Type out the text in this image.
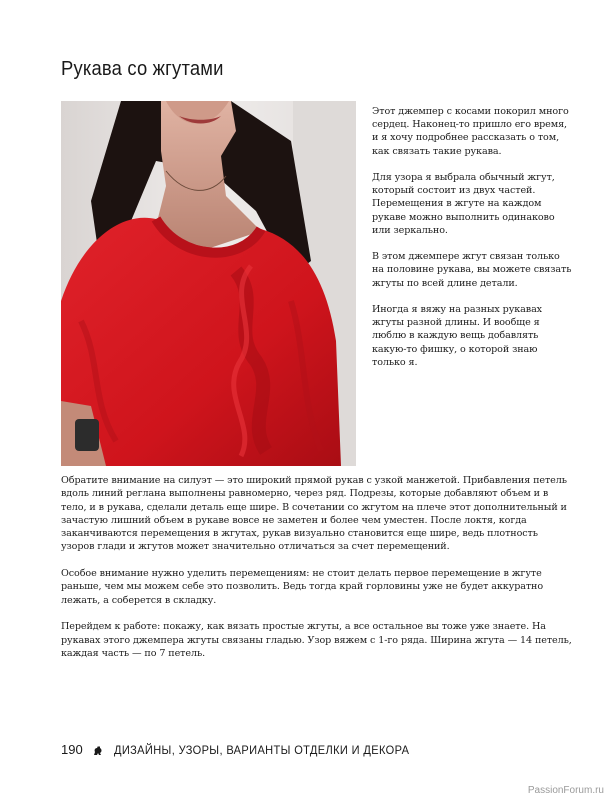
Рукава со жгутами

Этот джемпер с косами покорил много сердец. Наконец-то пришло его время, и я хочу подробнее рассказать о том, как связать такие рукава.

Для узора я выбрала обычный жгут, который состоит из двух частей. Перемещения в жгуте на каждом рукаве можно выполнить одинаково или зеркально.

В этом джемпере жгут связан только на половине рукава, вы можете связать жгуты по всей длине детали.

Иногда я вяжу на разных рукавах жгуты разной длины. И вообще я люблю в каждую вещь добавлять какую-то фишку, о которой знаю только я.

Обратите внимание на силуэт — это широкий прямой рукав с узкой манжетой. Прибавления петель вдоль линий реглана выполнены равномерно, через ряд. Подрезы, которые добавляют объем и в тело, и в рукава, сделали деталь еще шире. В сочетании со жгутом на плече этот дополнительный и зачастую лишний объем в рукаве вовсе не заметен и более чем уместен. После локтя, когда заканчиваются перемещения в жгутах, рукав визуально становится еще шире, ведь плотность узоров глади и жгутов может значительно отличаться за счет перемещений.

Особое внимание нужно уделить перемещениям: не стоит делать первое перемещение в жгуте раньше, чем мы можем себе это позволить. Ведь тогда край горловины уже не будет аккуратно лежать, а соберется в складку.

Перейдем к работе: покажу, как вязать простые жгуты, а все остальное вы тоже уже знаете. На рукавах этого джемпера жгуты связаны гладью. Узор вяжем с 1-го ряда. Ширина жгута — 14 петель, каждая часть — по 7 петель.

190	ДИЗАЙНЫ, УЗОРЫ, ВАРИАНТЫ ОТДЕЛКИ И ДЕКОРА
PassionForum.ru
